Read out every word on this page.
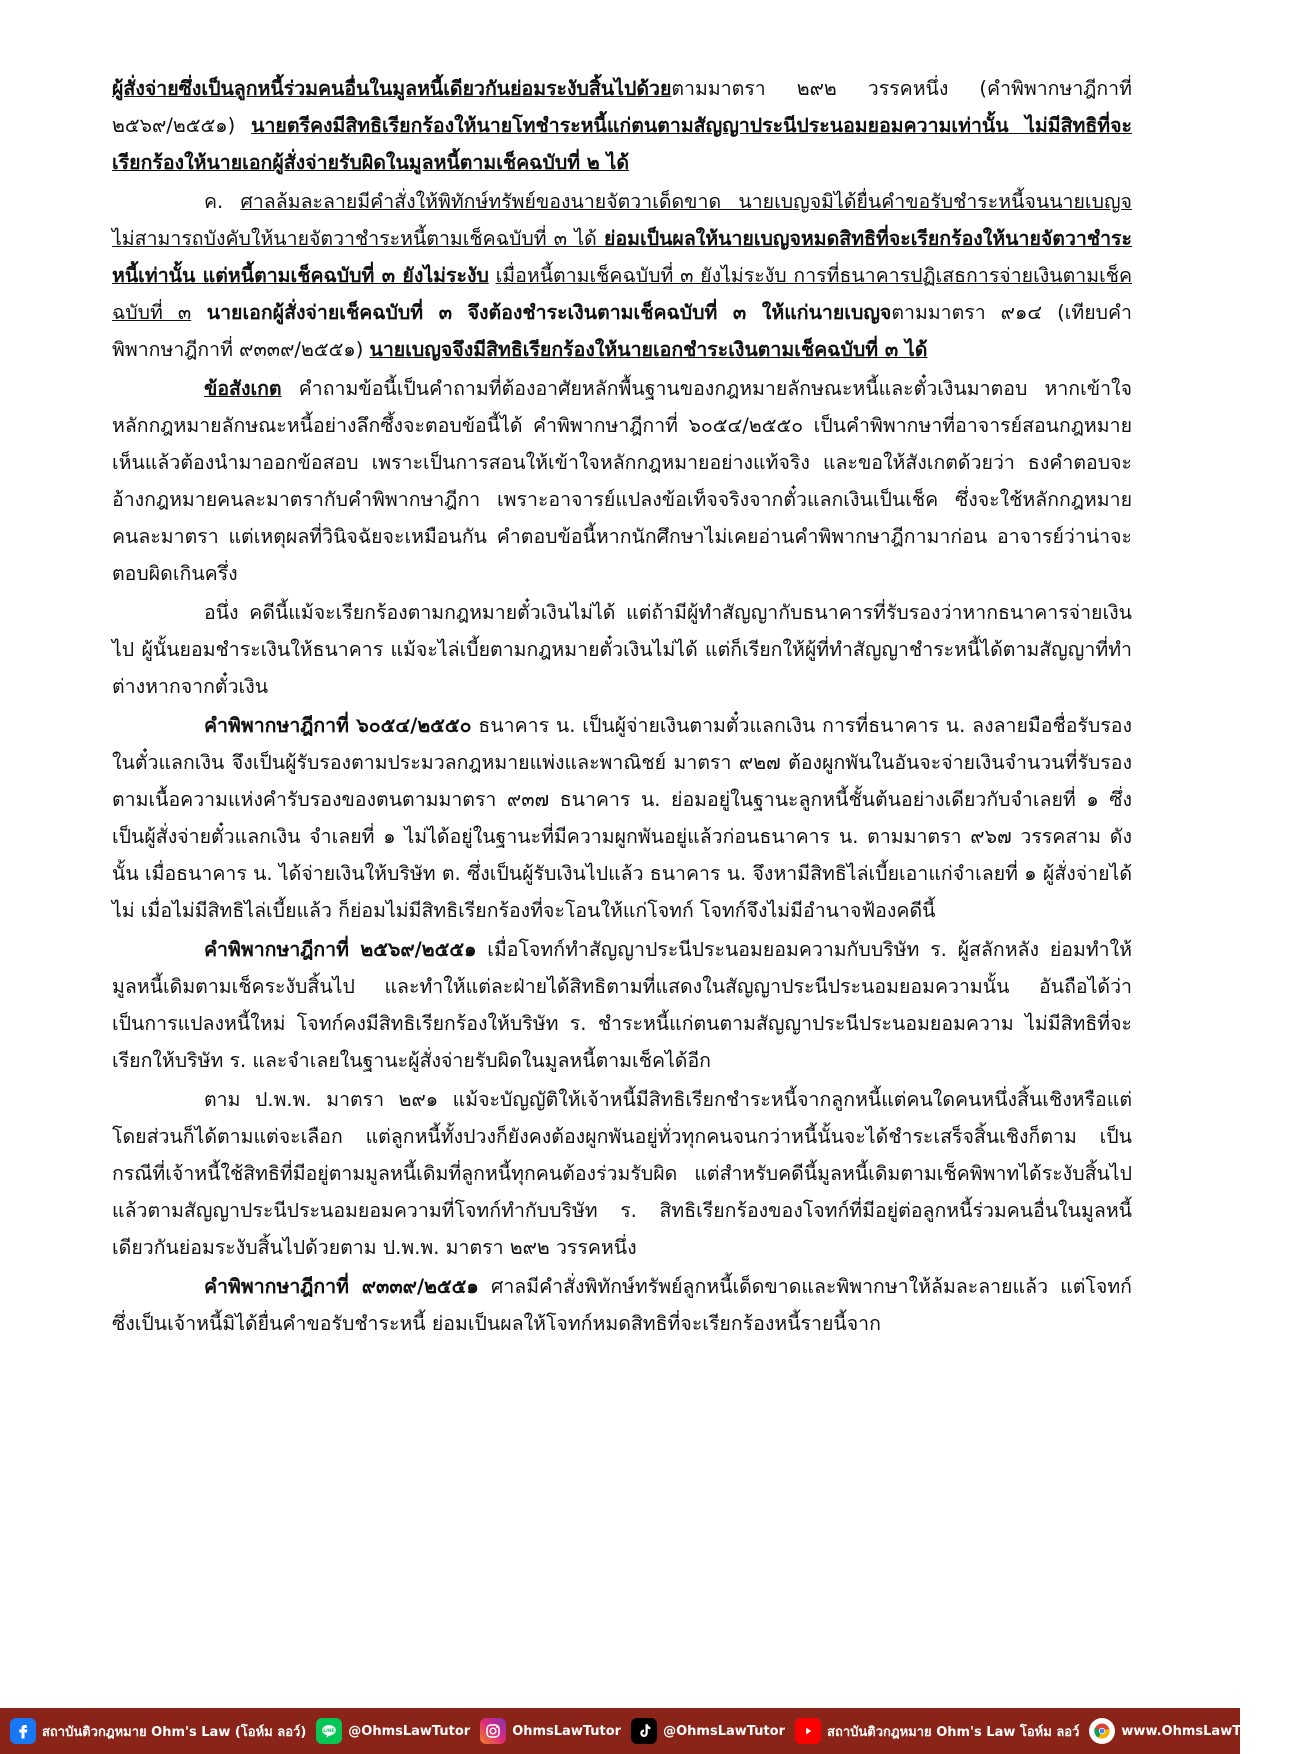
ผู้สั่งจ่ายซึ่งเป็นลูกหนี้ร่วมคนอื่นในมูลหนี้เดียวกันย่อมระงับสิ้นไปด้วยตามมาตรา ๒๙๒ วรรคหนึ่ง (คำพิพากษาฎีกาที่ ๒๕๖๙/๒๕๕๑) นายตรีคงมีสิทธิเรียกร้องให้นายโทชำระหนี้แก่ตนตามสัญญาประนีประนอมยอมความเท่านั้น ไม่มีสิทธิที่จะเรียกร้องให้นายเอกผู้สั่งจ่ายรับผิดในมูลหนี้ตามเช็คฉบับที่ ๒ ได้

ค. ศาลล้มละลายมีคำสั่งให้พิทักษ์ทรัพย์ของนายจัตวาเด็ดขาด นายเบญจมิได้ยื่นคำขอรับชำระหนี้จนนายเบญจไม่สามารถบังคับให้นายจัตวาชำระหนี้ตามเช็คฉบับที่ ๓ ได้ ย่อมเป็นผลให้นายเบญจหมดสิทธิที่จะเรียกร้องให้นายจัตวาชำระหนี้เท่านั้น แต่หนี้ตามเช็คฉบับที่ ๓ ยังไม่ระงับ เมื่อหนี้ตามเช็คฉบับที่ ๓ ยังไม่ระงับ การที่ธนาคารปฏิเสธการจ่ายเงินตามเช็คฉบับที่ ๓ นายเอกผู้สั่งจ่ายเช็คฉบับที่ ๓ จึงต้องชำระเงินตามเช็คฉบับที่ ๓ ให้แก่นายเบญจตามมาตรา ๙๑๔ (เทียบคำพิพากษาฎีกาที่ ๙๓๓๙/๒๕๕๑) นายเบญจจึงมีสิทธิเรียกร้องให้นายเอกชำระเงินตามเช็คฉบับที่ ๓ ได้

ข้อสังเกต คำถามข้อนี้เป็นคำถามที่ต้องอาศัยหลักพื้นฐานของกฎหมายลักษณะหนี้และตั๋วเงินมาตอบ หากเข้าใจหลักกฎหมายลักษณะหนี้อย่างลึกซึ้งจะตอบข้อนี้ได้ คำพิพากษาฎีกาที่ ๖๐๕๔/๒๕๕๐ เป็นคำพิพากษาที่อาจารย์สอนกฎหมายเห็นแล้วต้องนำมาออกข้อสอบ เพราะเป็นการสอนให้เข้าใจหลักกฎหมายอย่างแท้จริง และขอให้สังเกตด้วยว่า ธงคำตอบจะอ้างกฎหมายคนละมาตรากับคำพิพากษาฎีกา เพราะอาจารย์แปลงข้อเท็จจริงจากตั๋วแลกเงินเป็นเช็ค ซึ่งจะใช้หลักกฎหมายคนละมาตรา แต่เหตุผลที่วินิจฉัยจะเหมือนกัน คำตอบข้อนี้หากนักศึกษาไม่เคยอ่านคำพิพากษาฎีกามาก่อน อาจารย์ว่าน่าจะตอบผิดเกินครึ่ง

อนึ่ง คดีนี้แม้จะเรียกร้องตามกฎหมายตั๋วเงินไม่ได้ แต่ถ้ามีผู้ทำสัญญากับธนาคารที่รับรองว่าหากธนาคารจ่ายเงินไป ผู้นั้นยอมชำระเงินให้ธนาคาร แม้จะไล่เบี้ยตามกฎหมายตั๋วเงินไม่ได้ แต่ก็เรียกให้ผู้ที่ทำสัญญาชำระหนี้ได้ตามสัญญาที่ทำต่างหากจากตั๋วเงิน

คำพิพากษาฎีกาที่ ๖๐๕๔/๒๕๕๐ ธนาคาร น. เป็นผู้จ่ายเงินตามตั๋วแลกเงิน การที่ธนาคาร น. ลงลายมือชื่อรับรองในตั๋วแลกเงิน จึงเป็นผู้รับรองตามประมวลกฎหมายแพ่งและพาณิชย์ มาตรา ๙๒๗ ต้องผูกพันในอันจะจ่ายเงินจำนวนที่รับรองตามเนื้อความแห่งคำรับรองของตนตามมาตรา ๙๓๗ ธนาคาร น. ย่อมอยู่ในฐานะลูกหนี้ชั้นต้นอย่างเดียวกับจำเลยที่ ๑ ซึ่งเป็นผู้สั่งจ่ายตั๋วแลกเงิน จำเลยที่ ๑ ไม่ได้อยู่ในฐานะที่มีความผูกพันอยู่แล้วก่อนธนาคาร น. ตามมาตรา ๙๖๗ วรรคสาม ดังนั้น เมื่อธนาคาร น. ได้จ่ายเงินให้บริษัท ต. ซึ่งเป็นผู้รับเงินไปแล้ว ธนาคาร น. จึงหามีสิทธิไล่เบี้ยเอาแก่จำเลยที่ ๑ ผู้สั่งจ่ายได้ไม่ เมื่อไม่มีสิทธิไล่เบี้ยแล้ว ก็ย่อมไม่มีสิทธิเรียกร้องที่จะโอนให้แก่โจทก์ โจทก์จึงไม่มีอำนาจฟ้องคดีนี้

คำพิพากษาฎีกาที่ ๒๕๖๙/๒๕๕๑ เมื่อโจทก์ทำสัญญาประนีประนอมยอมความกับบริษัท ร. ผู้สลักหลัง ย่อมทำให้มูลหนี้เดิมตามเช็คระงับสิ้นไป และทำให้แต่ละฝ่ายได้สิทธิตามที่แสดงในสัญญาประนีประนอมยอมความนั้น อันถือได้ว่าเป็นการแปลงหนี้ใหม่ โจทก์คงมีสิทธิเรียกร้องให้บริษัท ร. ชำระหนี้แก่ตนตามสัญญาประนีประนอมยอมความ ไม่มีสิทธิที่จะเรียกให้บริษัท ร. และจำเลยในฐานะผู้สั่งจ่ายรับผิดในมูลหนี้ตามเช็คได้อีก

ตาม ป.พ.พ. มาตรา ๒๙๑ แม้จะบัญญัติให้เจ้าหนี้มีสิทธิเรียกชำระหนี้จากลูกหนี้แต่คนใดคนหนึ่งสิ้นเชิงหรือแต่โดยส่วนก็ได้ตามแต่จะเลือก แต่ลูกหนี้ทั้งปวงก็ยังคงต้องผูกพันอยู่ทั่วทุกคนจนกว่าหนี้นั้นจะได้ชำระเสร็จสิ้นเชิงก็ตาม เป็นกรณีที่เจ้าหนี้ใช้สิทธิที่มีอยู่ตามมูลหนี้เดิมที่ลูกหนี้ทุกคนต้องร่วมรับผิด แต่สำหรับคดีนี้มูลหนี้เดิมตามเช็คพิพาทได้ระงับสิ้นไปแล้วตามสัญญาประนีประนอมยอมความที่โจทก์ทำกับบริษัท ร. สิทธิเรียกร้องของโจทก์ที่มีอยู่ต่อลูกหนี้ร่วมคนอื่นในมูลหนี้เดียวกันย่อมระงับสิ้นไปด้วยตาม ป.พ.พ. มาตรา ๒๙๒ วรรคหนึ่ง

คำพิพากษาฎีกาที่ ๙๓๓๙/๒๕๕๑ ศาลมีคำสั่งพิทักษ์ทรัพย์ลูกหนี้เด็ดขาดและพิพากษาให้ล้มละลายแล้ว แต่โจทก์ซึ่งเป็นเจ้าหนี้มิได้ยื่นคำขอรับชำระหนี้ ย่อมเป็นผลให้โจทก์หมดสิทธิที่จะเรียกร้องหนี้รายนี้จาก

สถาบันติวกฎหมาย Ohm's Law (โอห์ม ลอว์)	LINE @OhmsLawTutor	OhmsLawTutor	@OhmsLawTutor	สถาบันติวกฎหมาย Ohm's Law โอห์ม ลอว์	www.OhmsLawTutor.com
